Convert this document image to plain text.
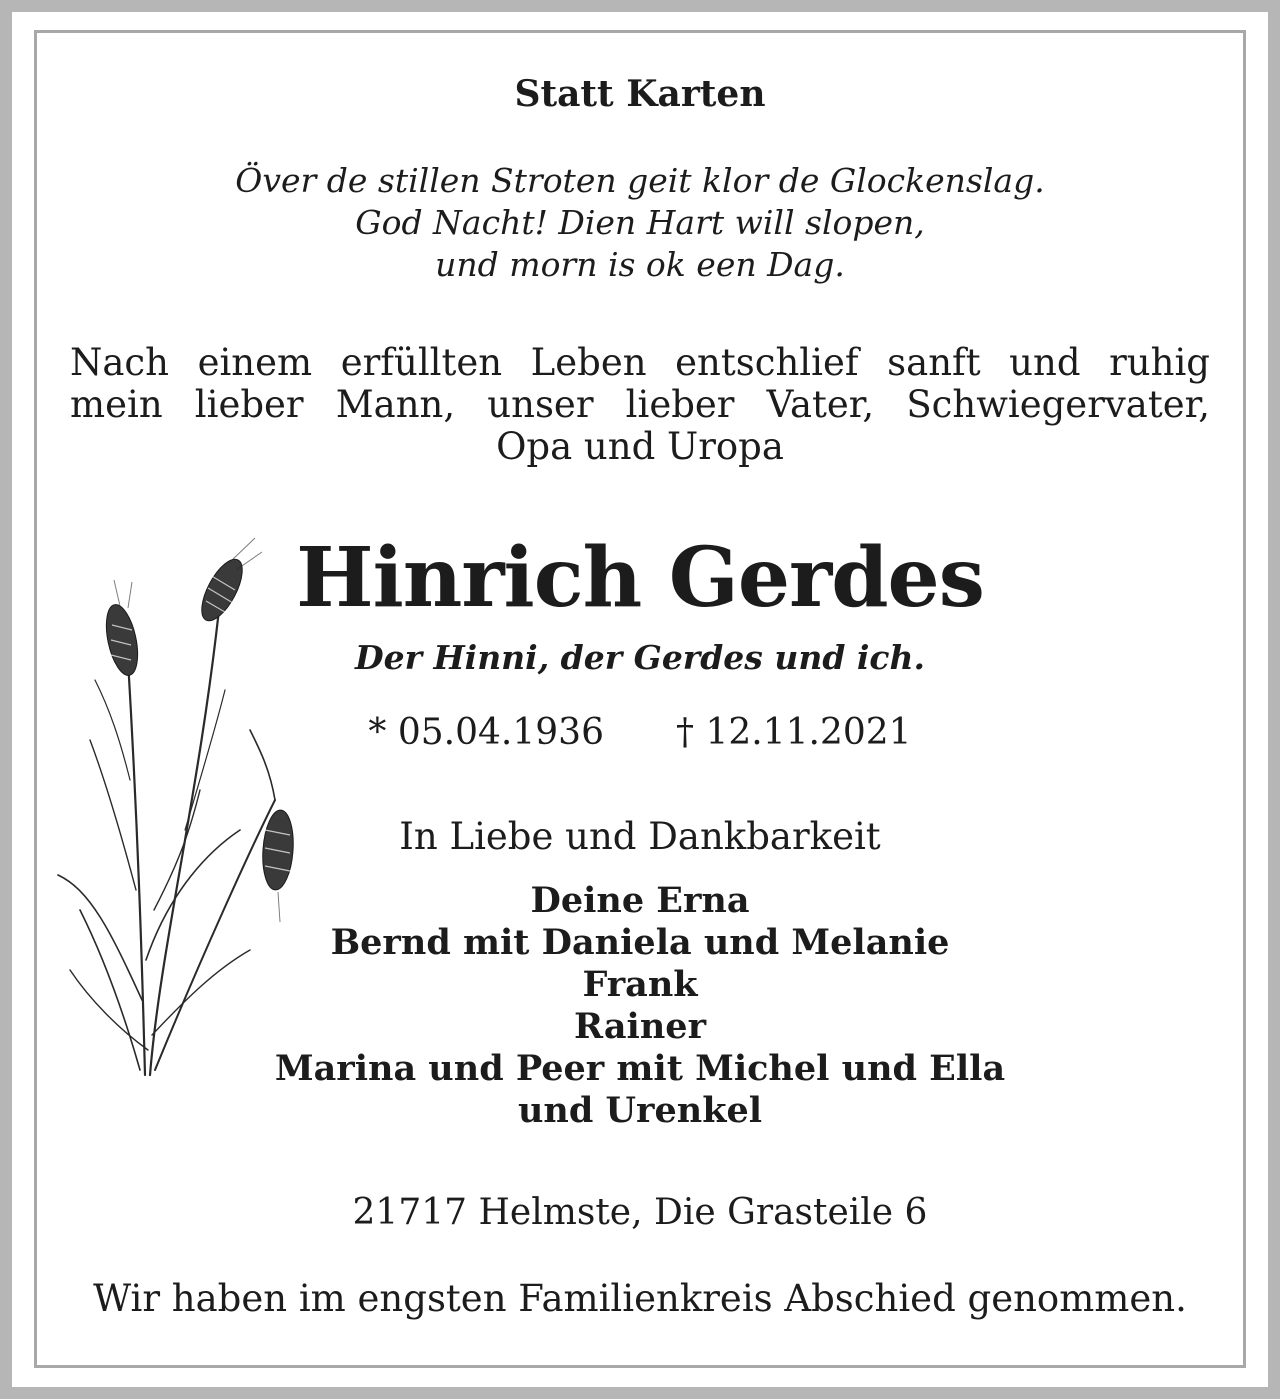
Statt Karten
Över de stillen Stroten geit klor de Glockenslag.
God Nacht! Dien Hart will slopen,
und morn is ok een Dag.
Nach einem erfüllten Leben entschlief sanft und ruhig
mein lieber Mann, unser lieber Vater, Schwiegervater,
Opa und Uropa
Hinrich Gerdes
Der Hinni, der Gerdes und ich.
* 05.04.1936 † 12.11.2021
In Liebe und Dankbarkeit
Deine Erna
Bernd mit Daniela und Melanie
Frank
Rainer
Marina und Peer mit Michel und Ella
und Urenkel
21717 Helmste, Die Grasteile 6
Wir haben im engsten Familienkreis Abschied genommen.
